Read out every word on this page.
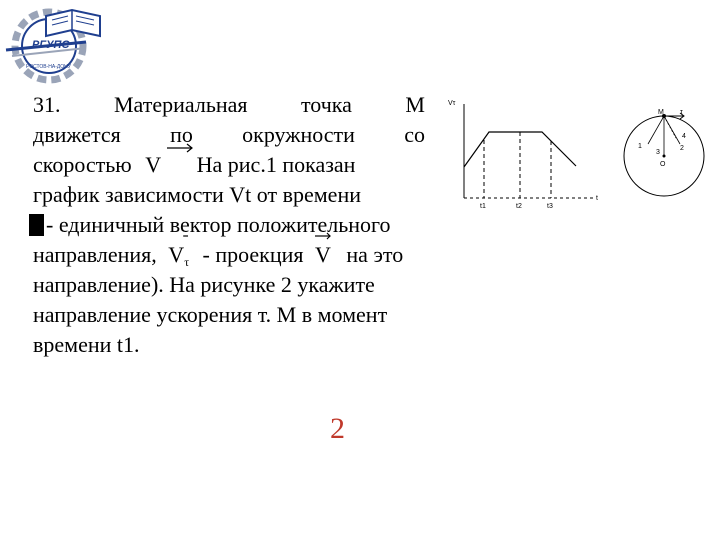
РГУПС
РОСТОВ-НА-ДОНУ
31. Материальная точка М
движется по окружности со
скоростью V На рис.1 показан
график зависимости Vt от времени
- единичный вектор положительного
направления, $V_\tau$ - проекция V на это
направление). На рисунке 2 укажите
направление ускорения т. М в момент
времени t1.
Vτ
t
t1	t2	t3
M τ
1	2
3
4
O
2
